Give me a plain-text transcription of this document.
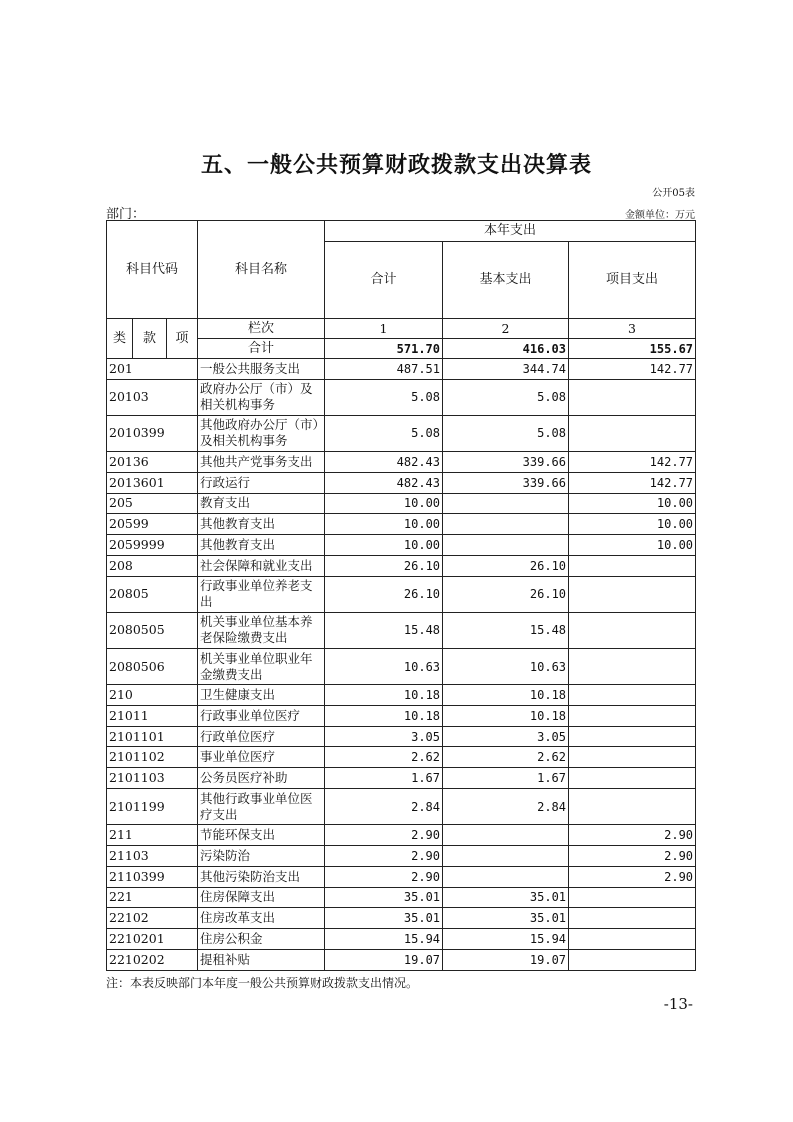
五、一般公共预算财政拨款支出决算表
公开05表
部门：	金额单位：万元
科目代码			科目名称	本年支出		
				合计	基本支出	项目支出
类	款	项	栏次	1	2	3
			合计	571.70	416.03	155.67
201			一般公共服务支出	487.51	344.74	142.77
20103			政府办公厅（市）及相关机构事务	5.08	5.08	
2010399			其他政府办公厅（市）及相关机构事务	5.08	5.08	
20136			其他共产党事务支出	482.43	339.66	142.77
2013601			行政运行	482.43	339.66	142.77
205			教育支出	10.00		10.00
20599			其他教育支出	10.00		10.00
2059999			其他教育支出	10.00		10.00
208			社会保障和就业支出	26.10	26.10	
20805			行政事业单位养老支出	26.10	26.10	
2080505			机关事业单位基本养老保险缴费支出	15.48	15.48	
2080506			机关事业单位职业年金缴费支出	10.63	10.63	
210			卫生健康支出	10.18	10.18	
21011			行政事业单位医疗	10.18	10.18	
2101101			行政单位医疗	3.05	3.05	
2101102			事业单位医疗	2.62	2.62	
2101103			公务员医疗补助	1.67	1.67	
2101199			其他行政事业单位医疗支出	2.84	2.84	
211			节能环保支出	2.90		2.90
21103			污染防治	2.90		2.90
2110399			其他污染防治支出	2.90		2.90
221			住房保障支出	35.01	35.01	
22102			住房改革支出	35.01	35.01	
2210201			住房公积金	15.94	15.94	
2210202			提租补贴	19.07	19.07	
注：本表反映部门本年度一般公共预算财政拨款支出情况。
-13-
